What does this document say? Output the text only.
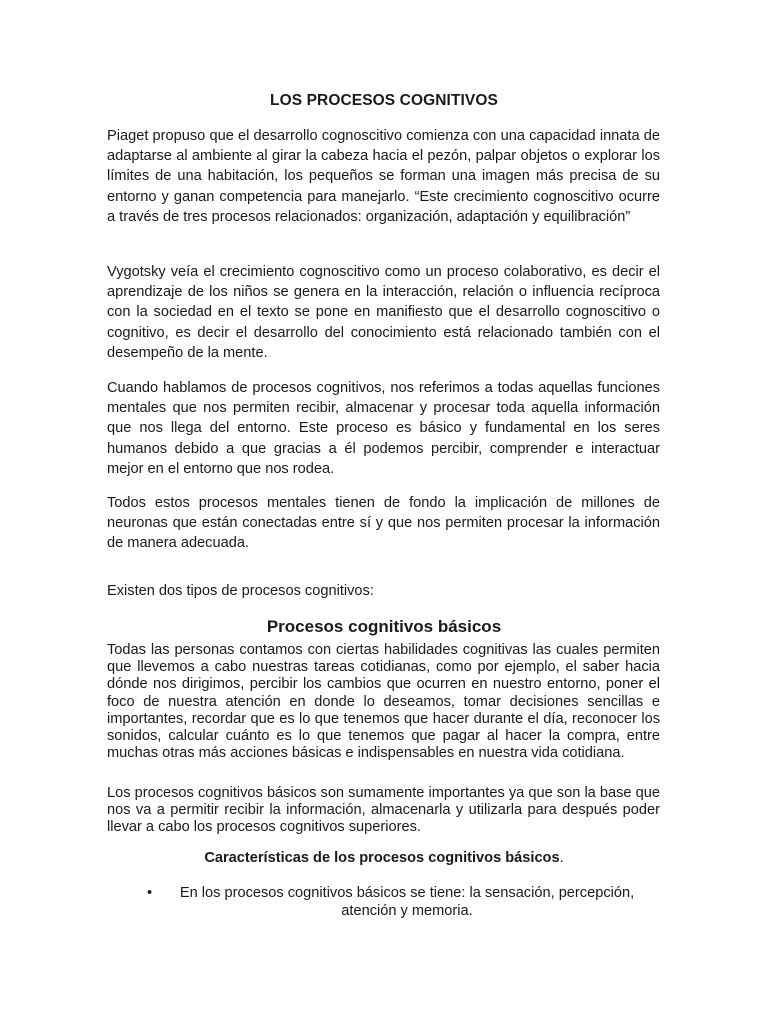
LOS PROCESOS COGNITIVOS

Piaget propuso que el desarrollo cognoscitivo comienza con una capacidad innata de adaptarse al ambiente al girar la cabeza hacia el pezón, palpar objetos o explorar los límites de una habitación, los pequeños se forman una imagen más precisa de su entorno y ganan competencia para manejarlo. “Este crecimiento cognoscitivo ocurre a través de tres procesos relacionados: organización, adaptación y equilibración”

Vygotsky veía el crecimiento cognoscitivo como un proceso colaborativo, es decir el aprendizaje de los niños se genera en la interacción, relación o influencia recíproca con la sociedad en el texto se pone en manifiesto que el desarrollo cognoscitivo o cognitivo, es decir el desarrollo del conocimiento está relacionado también con el desempeño de la mente.

Cuando hablamos de procesos cognitivos, nos referimos a todas aquellas funciones mentales que nos permiten recibir, almacenar y procesar toda aquella información que nos llega del entorno. Este proceso es básico y fundamental en los seres humanos debido a que gracias a él podemos percibir, comprender e interactuar mejor en el entorno que nos rodea.

Todos estos procesos mentales tienen de fondo la implicación de millones de neuronas que están conectadas entre sí y que nos permiten procesar la información de manera adecuada.

Existen dos tipos de procesos cognitivos:

Procesos cognitivos básicos

Todas las personas contamos con ciertas habilidades cognitivas las cuales permiten que llevemos a cabo nuestras tareas cotidianas, como por ejemplo, el saber hacia dónde nos dirigimos, percibir los cambios que ocurren en nuestro entorno, poner el foco de nuestra atención en donde lo deseamos, tomar decisiones sencillas e importantes, recordar que es lo que tenemos que hacer durante el día, reconocer los sonidos, calcular cuánto es lo que tenemos que pagar al hacer la compra, entre muchas otras más acciones básicas e indispensables en nuestra vida cotidiana.

Los procesos cognitivos básicos son sumamente importantes ya que son la base que nos va a permitir recibir la información, almacenarla y utilizarla para después poder llevar a cabo los procesos cognitivos superiores.

Características de los procesos cognitivos básicos.
•	En los procesos cognitivos básicos se tiene: la sensación, percepción, atención y memoria.
